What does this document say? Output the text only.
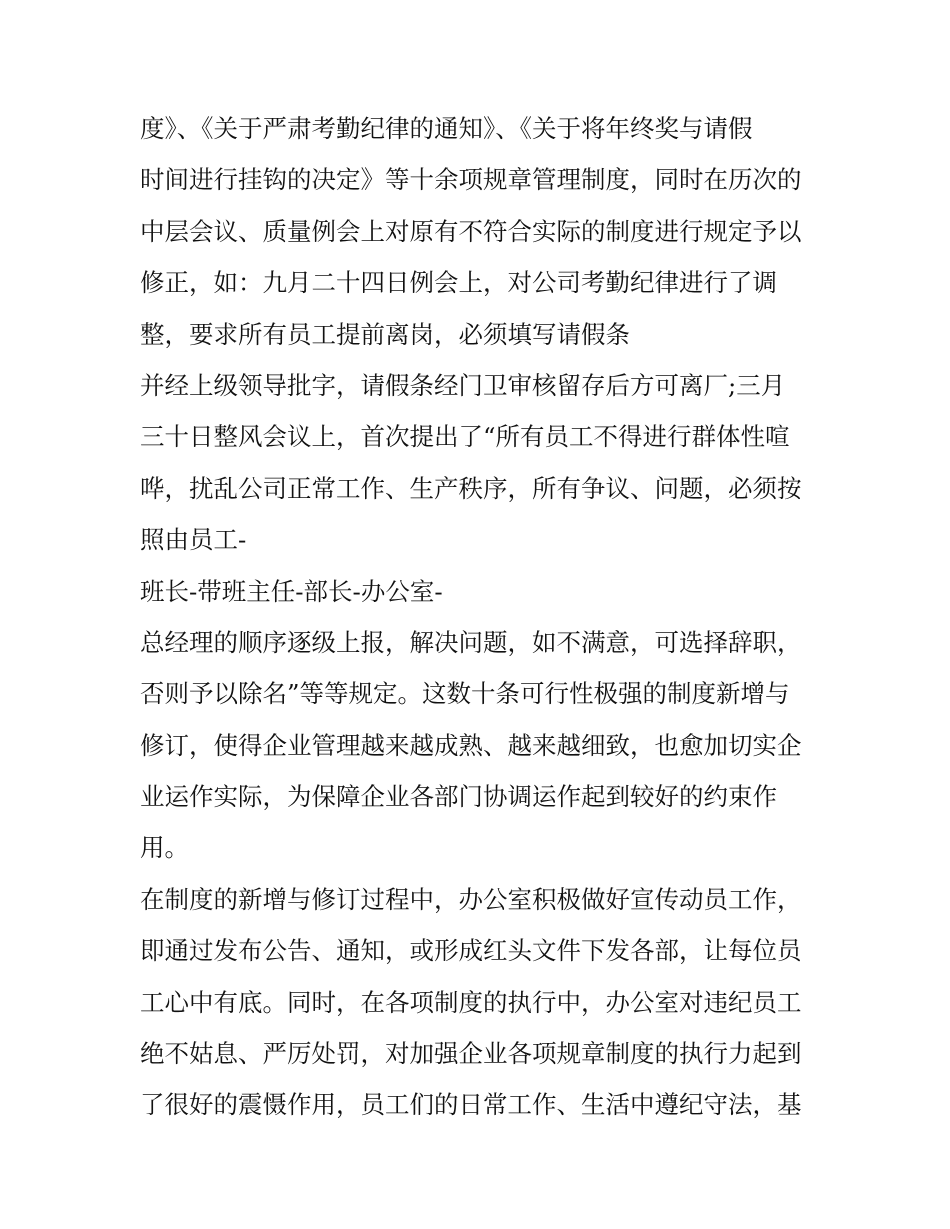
度》、《关于严肃考勤纪律的通知》、《关于将年终奖与请假
时间进行挂钩的决定》等十余项规章管理制度，同时在历次的
中层会议、质量例会上对原有不符合实际的制度进行规定予以
修正，如：九月二十四日例会上，对公司考勤纪律进行了调
整，要求所有员工提前离岗，必须填写请假条
并经上级领导批字，请假条经门卫审核留存后方可离厂;三月
三十日整风会议上，首次提出了“所有员工不得进行群体性喧
哗，扰乱公司正常工作、生产秩序，所有争议、问题，必须按
照由员工-
班长-带班主任-部长-办公室-
总经理的顺序逐级上报，解决问题，如不满意，可选择辞职，
否则予以除名”等等规定。这数十条可行性极强的制度新增与
修订，使得企业管理越来越成熟、越来越细致，也愈加切实企
业运作实际，为保障企业各部门协调运作起到较好的约束作
用。
在制度的新增与修订过程中，办公室积极做好宣传动员工作，
即通过发布公告、通知，或形成红头文件下发各部，让每位员
工心中有底。同时，在各项制度的执行中，办公室对违纪员工
绝不姑息、严厉处罚，对加强企业各项规章制度的执行力起到
了很好的震慑作用，员工们的日常工作、生活中遵纪守法，基
